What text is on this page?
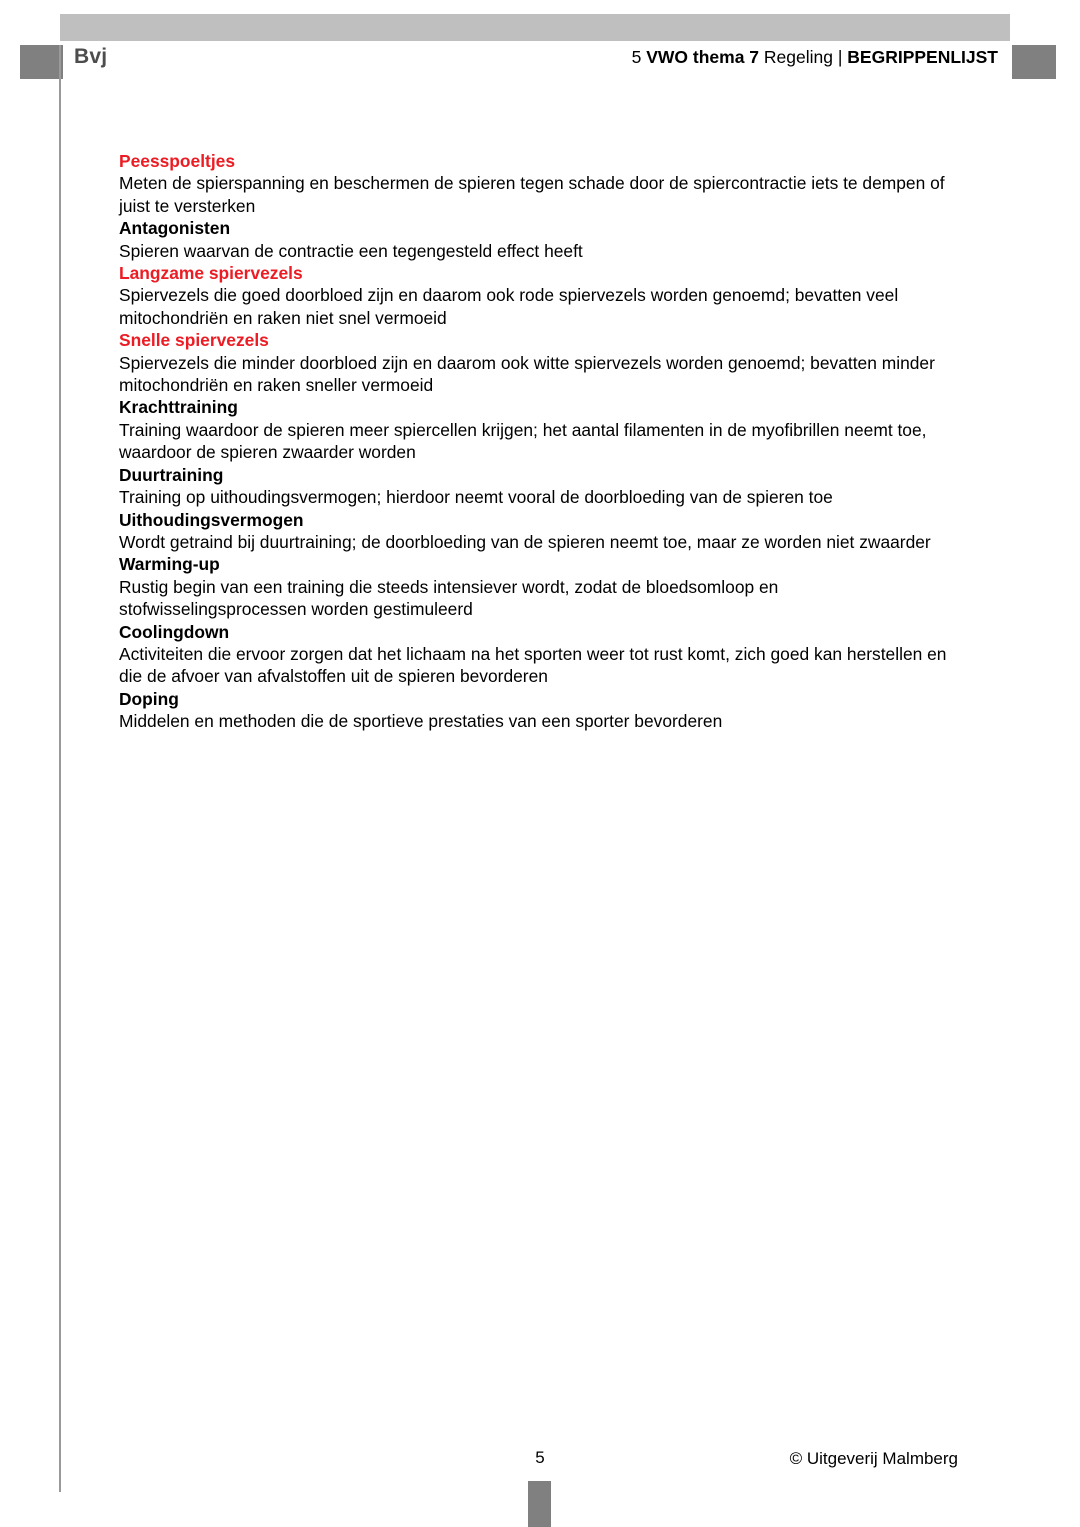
Bvj	5 VWO thema 7 Regeling | BEGRIPPENLIJST

Peesspoeltjes

Meten de spierspanning en beschermen de spieren tegen schade door de spiercontractie iets te dempen of juist te versterken

Antagonisten

Spieren waarvan de contractie een tegengesteld effect heeft

Langzame spiervezels

Spiervezels die goed doorbloed zijn en daarom ook rode spiervezels worden genoemd; bevatten veel mitochondriën en raken niet snel vermoeid

Snelle spiervezels

Spiervezels die minder doorbloed zijn en daarom ook witte spiervezels worden genoemd; bevatten minder mitochondriën en raken sneller vermoeid

Krachttraining

Training waardoor de spieren meer spiercellen krijgen; het aantal filamenten in de myofibrillen neemt toe, waardoor de spieren zwaarder worden

Duurtraining

Training op uithoudingsvermogen; hierdoor neemt vooral de doorbloeding van de spieren toe

Uithoudingsvermogen

Wordt getraind bij duurtraining; de doorbloeding van de spieren neemt toe, maar ze worden niet zwaarder

Warming-up

Rustig begin van een training die steeds intensiever wordt, zodat de bloedsomloop en stofwisselingsprocessen worden gestimuleerd

Coolingdown

Activiteiten die ervoor zorgen dat het lichaam na het sporten weer tot rust komt, zich goed kan herstellen en die de afvoer van afvalstoffen uit de spieren bevorderen

Doping

Middelen en methoden die de sportieve prestaties van een sporter bevorderen

5	© Uitgeverij Malmberg
